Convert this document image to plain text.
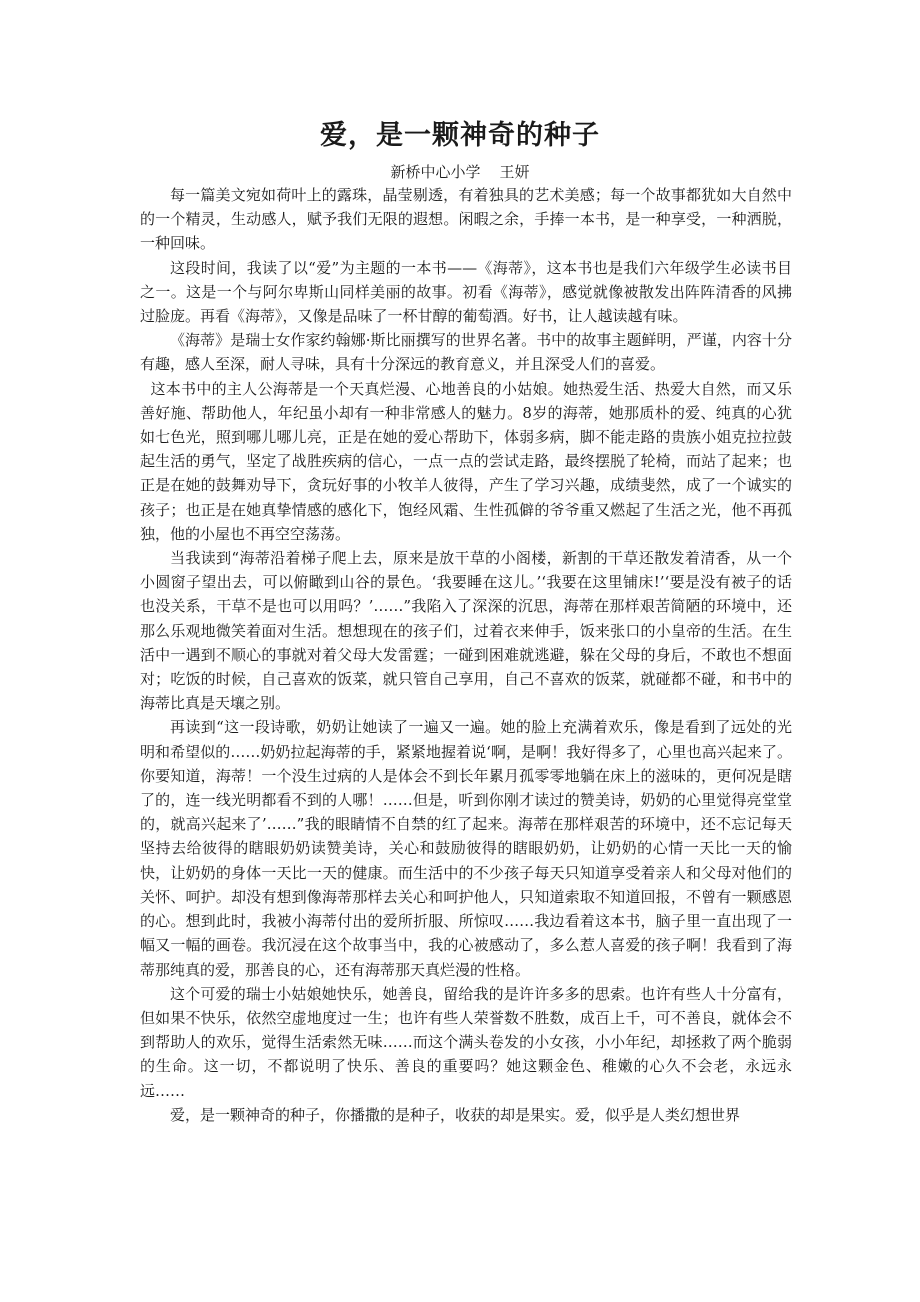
爱，是一颗神奇的种子

新桥中心小学    王妍

每一篇美文宛如荷叶上的露珠，晶莹剔透，有着独具的艺术美感；每一个故事都犹如大自然中的一个精灵，生动感人，赋予我们无限的遐想。闲暇之余，手捧一本书，是一种享受，一种洒脱，一种回味。

这段时间，我读了以“爱”为主题的一本书——《海蒂》，这本书也是我们六年级学生必读书目之一。这是一个与阿尔卑斯山同样美丽的故事。初看《海蒂》，感觉就像被散发出阵阵清香的风拂过脸庞。再看《海蒂》，又像是品味了一杯甘醇的葡萄酒。好书，让人越读越有味。

《海蒂》是瑞士女作家约翰娜·斯比丽撰写的世界名著。书中的故事主题鲜明，严谨，内容十分有趣，感人至深，耐人寻味，具有十分深远的教育意义，并且深受人们的喜爱。

这本书中的主人公海蒂是一个天真烂漫、心地善良的小姑娘。她热爱生活、热爱大自然，而又乐善好施、帮助他人，年纪虽小却有一种非常感人的魅力。8岁的海蒂，她那质朴的爱、纯真的心犹如七色光，照到哪儿哪儿亮，正是在她的爱心帮助下，体弱多病，脚不能走路的贵族小姐克拉拉鼓起生活的勇气，坚定了战胜疾病的信心，一点一点的尝试走路，最终摆脱了轮椅，而站了起来；也正是在她的鼓舞劝导下，贪玩好事的小牧羊人彼得，产生了学习兴趣，成绩斐然，成了一个诚实的孩子；也正是在她真挚情感的感化下，饱经风霜、生性孤僻的爷爷重又燃起了生活之光，他不再孤独，他的小屋也不再空空荡荡。

当我读到“海蒂沿着梯子爬上去，原来是放干草的小阁楼，新割的干草还散发着清香，从一个小圆窗子望出去，可以俯瞰到山谷的景色。‘我要睡在这儿。’‘我要在这里铺床!’‘要是没有被子的话也没关系，干草不是也可以用吗？’……”我陷入了深深的沉思，海蒂在那样艰苦简陋的环境中，还那么乐观地微笑着面对生活。想想现在的孩子们，过着衣来伸手，饭来张口的小皇帝的生活。在生活中一遇到不顺心的事就对着父母大发雷霆；一碰到困难就逃避，躲在父母的身后，不敢也不想面对；吃饭的时候，自己喜欢的饭菜，就只管自己享用，自己不喜欢的饭菜，就碰都不碰，和书中的海蒂比真是天壤之别。

再读到“这一段诗歌，奶奶让她读了一遍又一遍。她的脸上充满着欢乐，像是看到了远处的光明和希望似的……奶奶拉起海蒂的手，紧紧地握着说‘啊，是啊！我好得多了，心里也高兴起来了。你要知道，海蒂！一个没生过病的人是体会不到长年累月孤零零地躺在床上的滋味的，更何况是瞎了的，连一线光明都看不到的人哪！……但是，听到你刚才读过的赞美诗，奶奶的心里觉得亮堂堂的，就高兴起来了’……”我的眼睛情不自禁的红了起来。海蒂在那样艰苦的环境中，还不忘记每天坚持去给彼得的瞎眼奶奶读赞美诗，关心和鼓励彼得的瞎眼奶奶，让奶奶的心情一天比一天的愉快，让奶奶的身体一天比一天的健康。而生活中的不少孩子每天只知道享受着亲人和父母对他们的关怀、呵护。却没有想到像海蒂那样去关心和呵护他人，只知道索取不知道回报，不曾有一颗感恩的心。想到此时，我被小海蒂付出的爱所折服、所惊叹……我边看着这本书，脑子里一直出现了一幅又一幅的画卷。我沉浸在这个故事当中，我的心被感动了，多么惹人喜爱的孩子啊！我看到了海蒂那纯真的爱，那善良的心，还有海蒂那天真烂漫的性格。

这个可爱的瑞士小姑娘她快乐，她善良，留给我的是许许多多的思索。也许有些人十分富有，但如果不快乐，依然空虚地度过一生；也许有些人荣誉数不胜数，成百上千，可不善良，就体会不到帮助人的欢乐，觉得生活索然无味……而这个满头卷发的小女孩，小小年纪，却拯救了两个脆弱的生命。这一切，不都说明了快乐、善良的重要吗？她这颗金色、稚嫩的心久不会老，永远永远……

爱，是一颗神奇的种子，你播撒的是种子，收获的却是果实。爱，似乎是人类幻想世界
